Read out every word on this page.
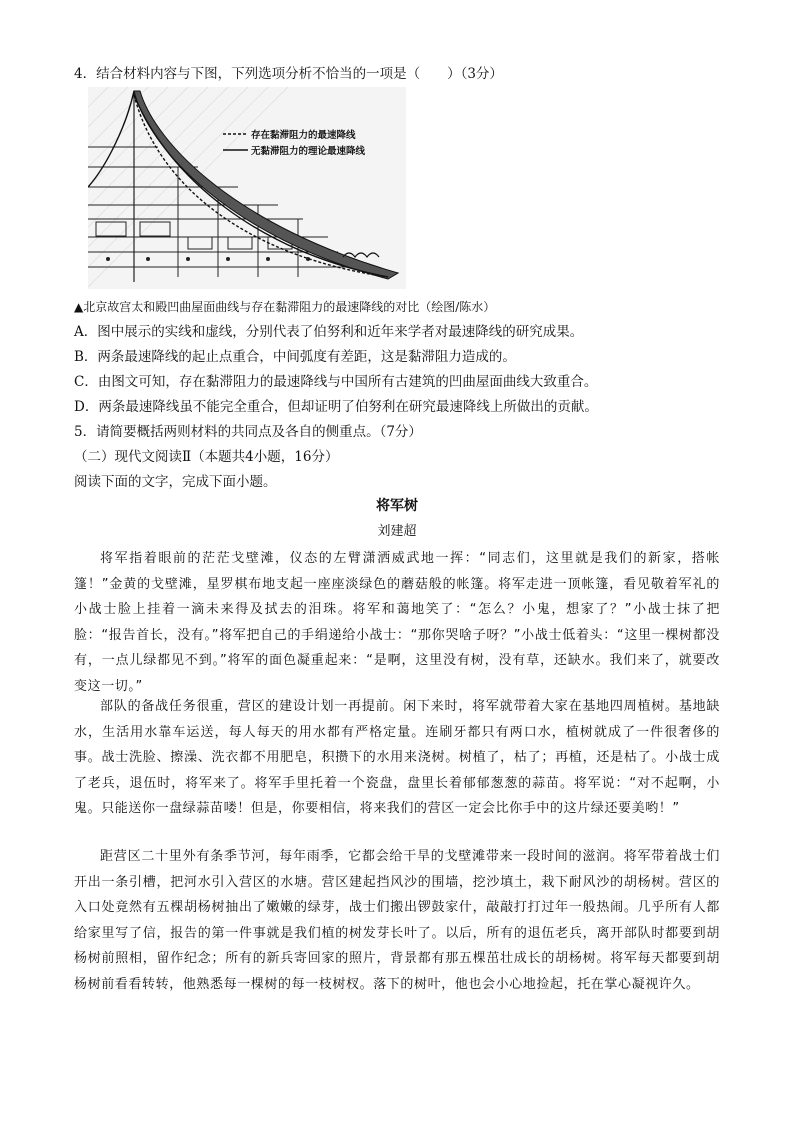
4．结合材料内容与下图，下列选项分析不恰当的一项是（　　）（3分）
存在黏滞阻力的最速降线
无黏滞阻力的理论最速降线
▲北京故宫太和殿凹曲屋面曲线与存在黏滞阻力的最速降线的对比（绘图/陈水）
A．图中展示的实线和虚线，分别代表了伯努利和近年来学者对最速降线的研究成果。
B．两条最速降线的起止点重合，中间弧度有差距，这是黏滞阻力造成的。
C．由图文可知，存在黏滞阻力的最速降线与中国所有古建筑的凹曲屋面曲线大致重合。
D．两条最速降线虽不能完全重合，但却证明了伯努利在研究最速降线上所做出的贡献。
5．请简要概括两则材料的共同点及各自的侧重点。（7分）
（二）现代文阅读Ⅱ（本题共4小题，16分）
阅读下面的文字，完成下面小题。
将军树
刘建超
将军指着眼前的茫茫戈壁滩，仪态的左臂潇洒威武地一挥：“同志们，这里就是我们的新家，搭帐篷！”金黄的戈壁滩，星罗棋布地支起一座座淡绿色的蘑菇般的帐篷。将军走进一顶帐篷，看见敬着军礼的小战士脸上挂着一滴未来得及拭去的泪珠。将军和蔼地笑了：“怎么？小鬼，想家了？”小战士抹了把脸：“报告首长，没有。”将军把自己的手绢递给小战士：“那你哭啥子呀？”小战士低着头：“这里一棵树都没有，一点儿绿都见不到。”将军的面色凝重起来：“是啊，这里没有树，没有草，还缺水。我们来了，就要改变这一切。”
部队的备战任务很重，营区的建设计划一再提前。闲下来时，将军就带着大家在基地四周植树。基地缺水，生活用水靠车运送，每人每天的用水都有严格定量。连刷牙都只有两口水，植树就成了一件很奢侈的事。战士洗脸、擦澡、洗衣都不用肥皂，积攒下的水用来浇树。树植了，枯了；再植，还是枯了。小战士成了老兵，退伍时，将军来了。将军手里托着一个瓷盘，盘里长着郁郁葱葱的蒜苗。将军说：“对不起啊，小鬼。只能送你一盘绿蒜苗喽！但是，你要相信，将来我们的营区一定会比你手中的这片绿还要美哟！”
距营区二十里外有条季节河，每年雨季，它都会给干旱的戈壁滩带来一段时间的滋润。将军带着战士们开出一条引槽，把河水引入营区的水塘。营区建起挡风沙的围墙，挖沙填土，栽下耐风沙的胡杨树。营区的入口处竟然有五棵胡杨树抽出了嫩嫩的绿芽，战士们搬出锣鼓家什，敲敲打打过年一般热闹。几乎所有人都给家里写了信，报告的第一件事就是我们植的树发芽长叶了。以后，所有的退伍老兵，离开部队时都要到胡杨树前照相，留作纪念；所有的新兵寄回家的照片，背景都有那五棵茁壮成长的胡杨树。将军每天都要到胡杨树前看看转转，他熟悉每一棵树的每一枝树杈。落下的树叶，他也会小心地捡起，托在掌心凝视许久。
